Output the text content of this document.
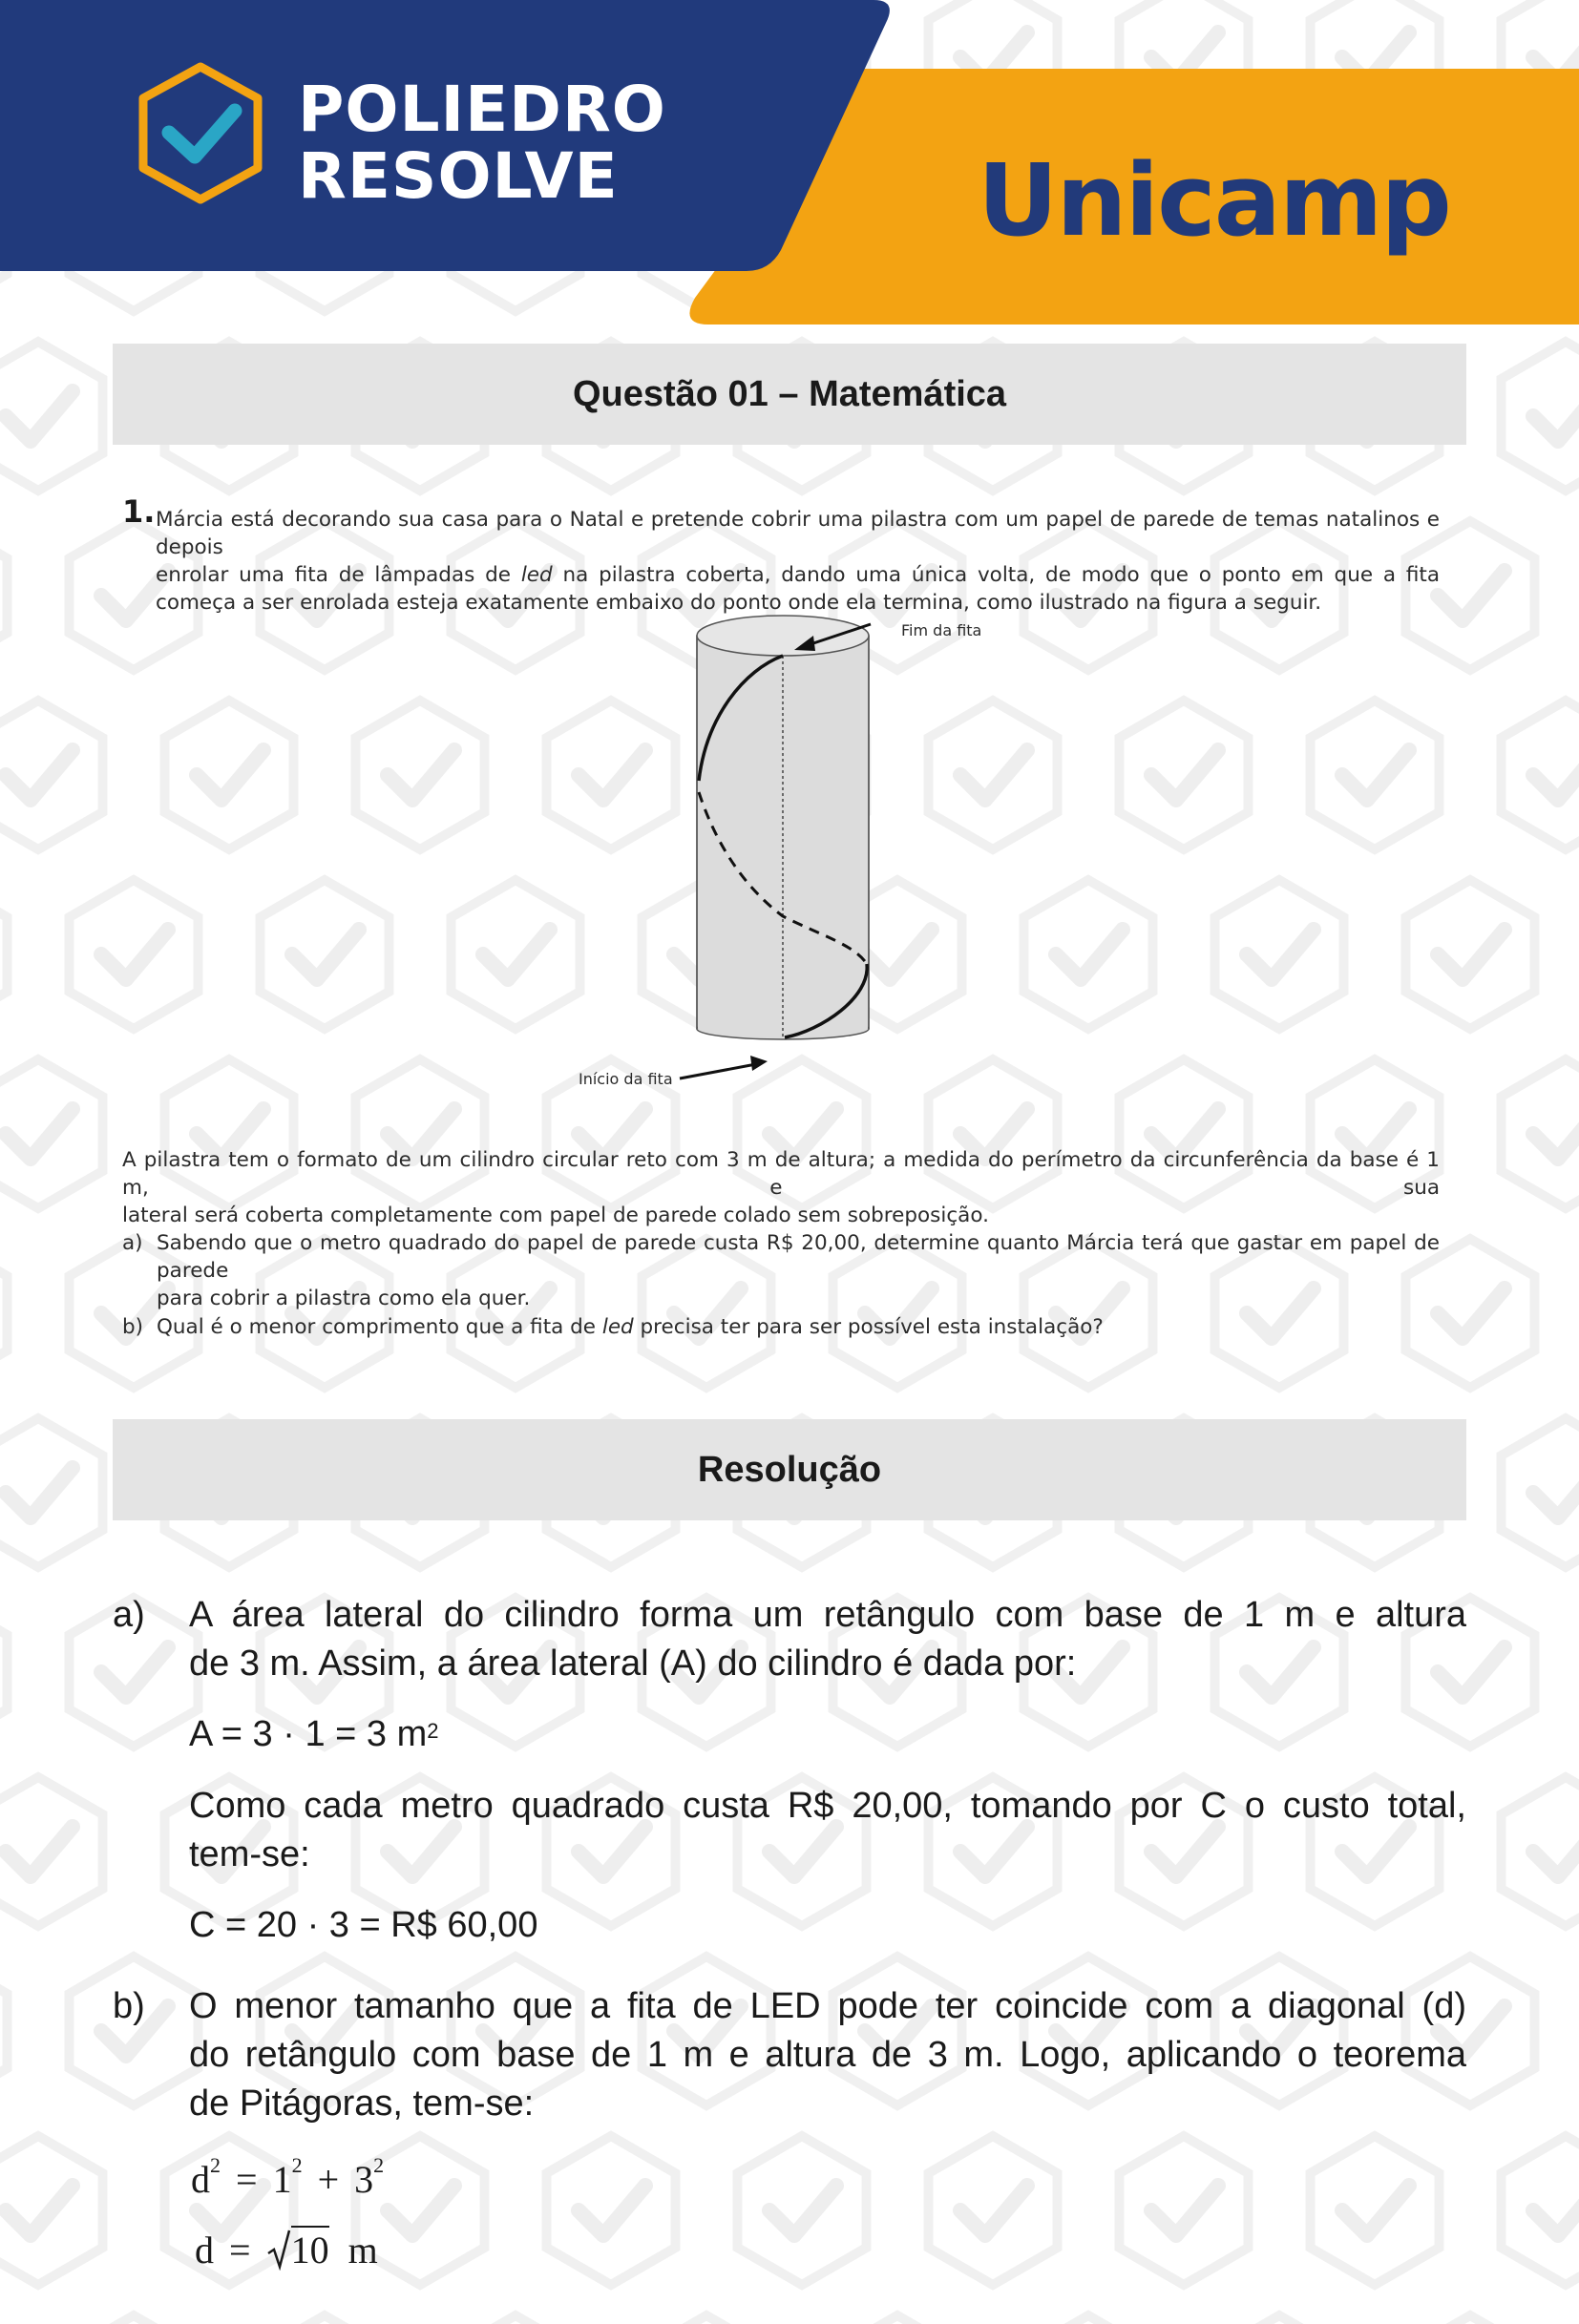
POLIEDRO
RESOLVE	Unicamp
Questão 01 – Matemática
1. Márcia está decorando sua casa para o Natal e pretende cobrir uma pilastra com um papel de parede de temas natalinos e depois
enrolar uma fita de lâmpadas de led na pilastra coberta, dando uma única volta, de modo que o ponto em que a fita começa a ser enrolada esteja exatamente embaixo do ponto onde ela termina, como ilustrado na figura a seguir.
Fim da fita
Início da fita
A pilastra tem o formato de um cilindro circular reto com 3 m de altura; a medida do perímetro da circunferência da base é 1 m, e sua
lateral será coberta completamente com papel de parede colado sem sobreposição.
a) Sabendo que o metro quadrado do papel de parede custa R$ 20,00, determine quanto Márcia terá que gastar em papel de parede
para cobrir a pilastra como ela quer.
b) Qual é o menor comprimento que a fita de led precisa ter para ser possível esta instalação?
Resolução
a) A área lateral do cilindro forma um retângulo com base de 1 m e altura
de 3 m. Assim, a área lateral (A) do cilindro é dada por:
A = 3 · 1 = 3 $m^2$
Como cada metro quadrado custa R$ 20,00, tomando por C o custo total,
tem-se:
C = 20 · 3 = R$ 60,00
b) O menor tamanho que a fita de LED pode ter coincide com a diagonal (d)
do retângulo com base de 1 m e altura de 3 m. Logo, aplicando o teorema
de Pitágoras, tem-se:
$d^2 = 1^2 + 3^2$
d = 10 m
